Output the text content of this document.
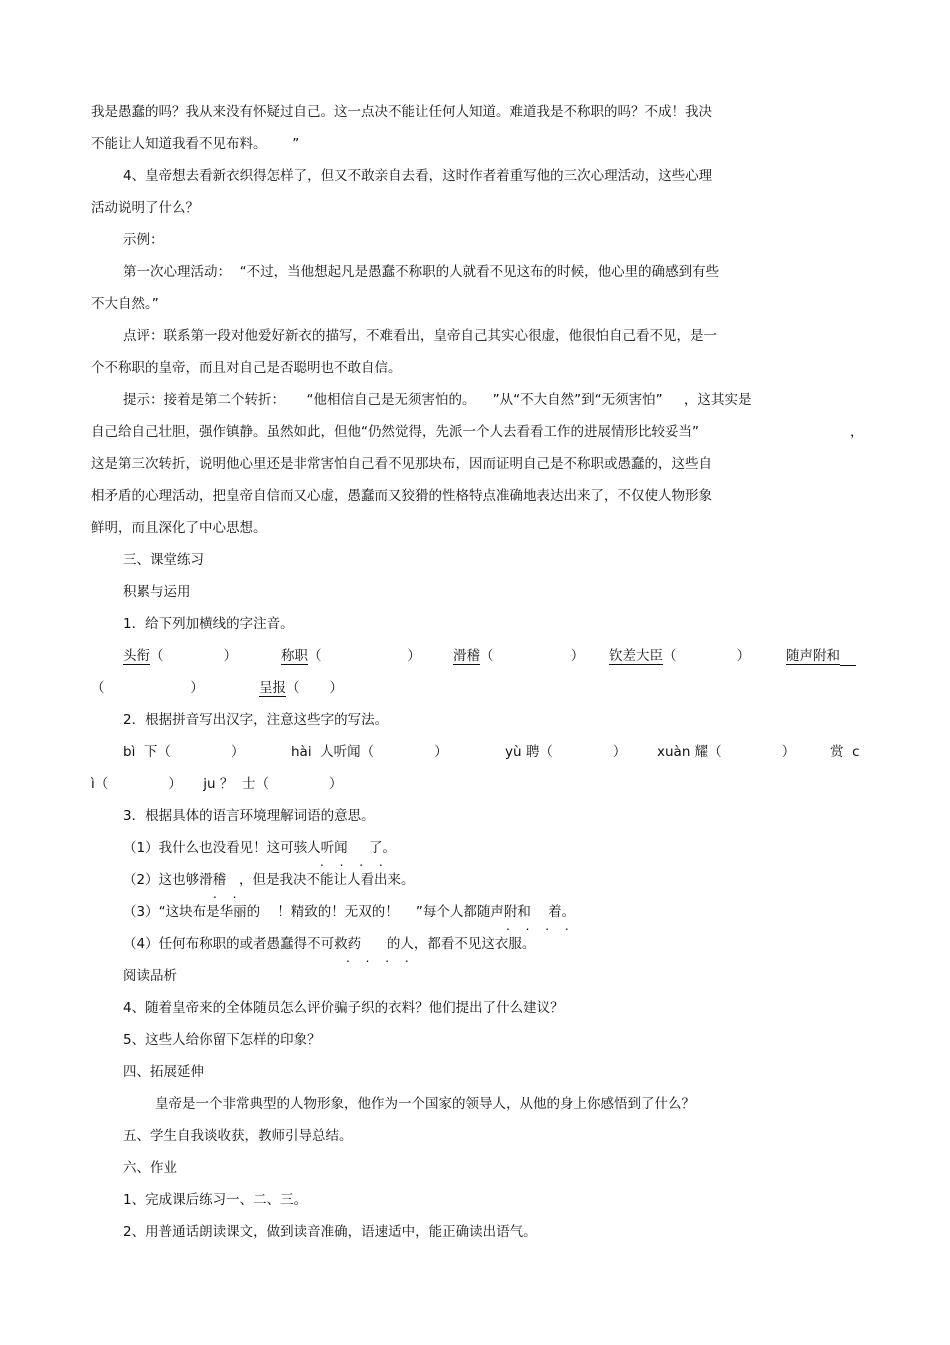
我是愚蠢的吗？我从来没有怀疑过自己。这一点决不能让任何人知道。难道我是不称职的吗？不成！我决
不能让人知道我看不见布料。      ”
4、皇帝想去看新衣织得怎样了，但又不敢亲自去看，这时作者着重写他的三次心理活动，这些心理
活动说明了什么？
示例：
第一次心理活动：  “不过，当他想起凡是愚蠢不称职的人就看不见这布的时候，他心里的确感到有些
不大自然。”
点评：联系第一段对他爱好新衣的描写，不难看出，皇帝自己其实心很虚，他很怕自己看不见，是一
个不称职的皇帝，而且对自己是否聪明也不敢自信。
提示：接着是第二个转折：     “他相信自己是无须害怕的。    ”从“不大自然”到“无须害怕”     ，这其实是
自己给自己壮胆，强作镇静。虽然如此，但他“仍然觉得，先派一个人去看看工作的进展情形比较妥当”	，
这是第三次转折，说明他心里还是非常害怕自己看不见那块布，因而证明自己是不称职或愚蠢的，这些自
相矛盾的心理活动，把皇帝自信而又心虚，愚蠢而又狡猾的性格特点准确地表达出来了，不仅使人物形象
鲜明，而且深化了中心思想。
三、课堂练习
积累与运用
1．给下列加横线的字注音。
头衔（              ）	称职（                    ） 滑稽（                  ） 钦差大臣（              ）	随声附和
（                    ）	呈报（       ）
2．根据拼音写出汉字，注意这些字的写法。
bì  下（              ）	hài  人听闻（              ）	yù 聘（              ） xuàn 耀（              ）	赏  c
ì（              ）     ju ？  士（              ）
3．根据具体的语言环境理解词语的意思。
（1）我什么也没看见！这可骇人听闻     了。
. . . .
（2）这也够滑稽   ，但是我决不能让人看出来。
. .
（3）“这块布是华丽的    ！精致的！无双的！    ”每个人都随声附和    着。
. . . .
（4）任何布称职的或者愚蠢得不可救药      的人，都看不见这衣服。
. . . .
阅读品析
4、随着皇帝来的全体随员怎么评价骗子织的衣料？他们提出了什么建议？
5、这些人给你留下怎样的印象？
四、拓展延伸
皇帝是一个非常典型的人物形象，他作为一个国家的领导人，从他的身上你感悟到了什么？
五、学生自我谈收获，教师引导总结。
六、作业
1、完成课后练习一、二、三。
2、用普通话朗读课文，做到读音准确，语速适中，能正确读出语气。
